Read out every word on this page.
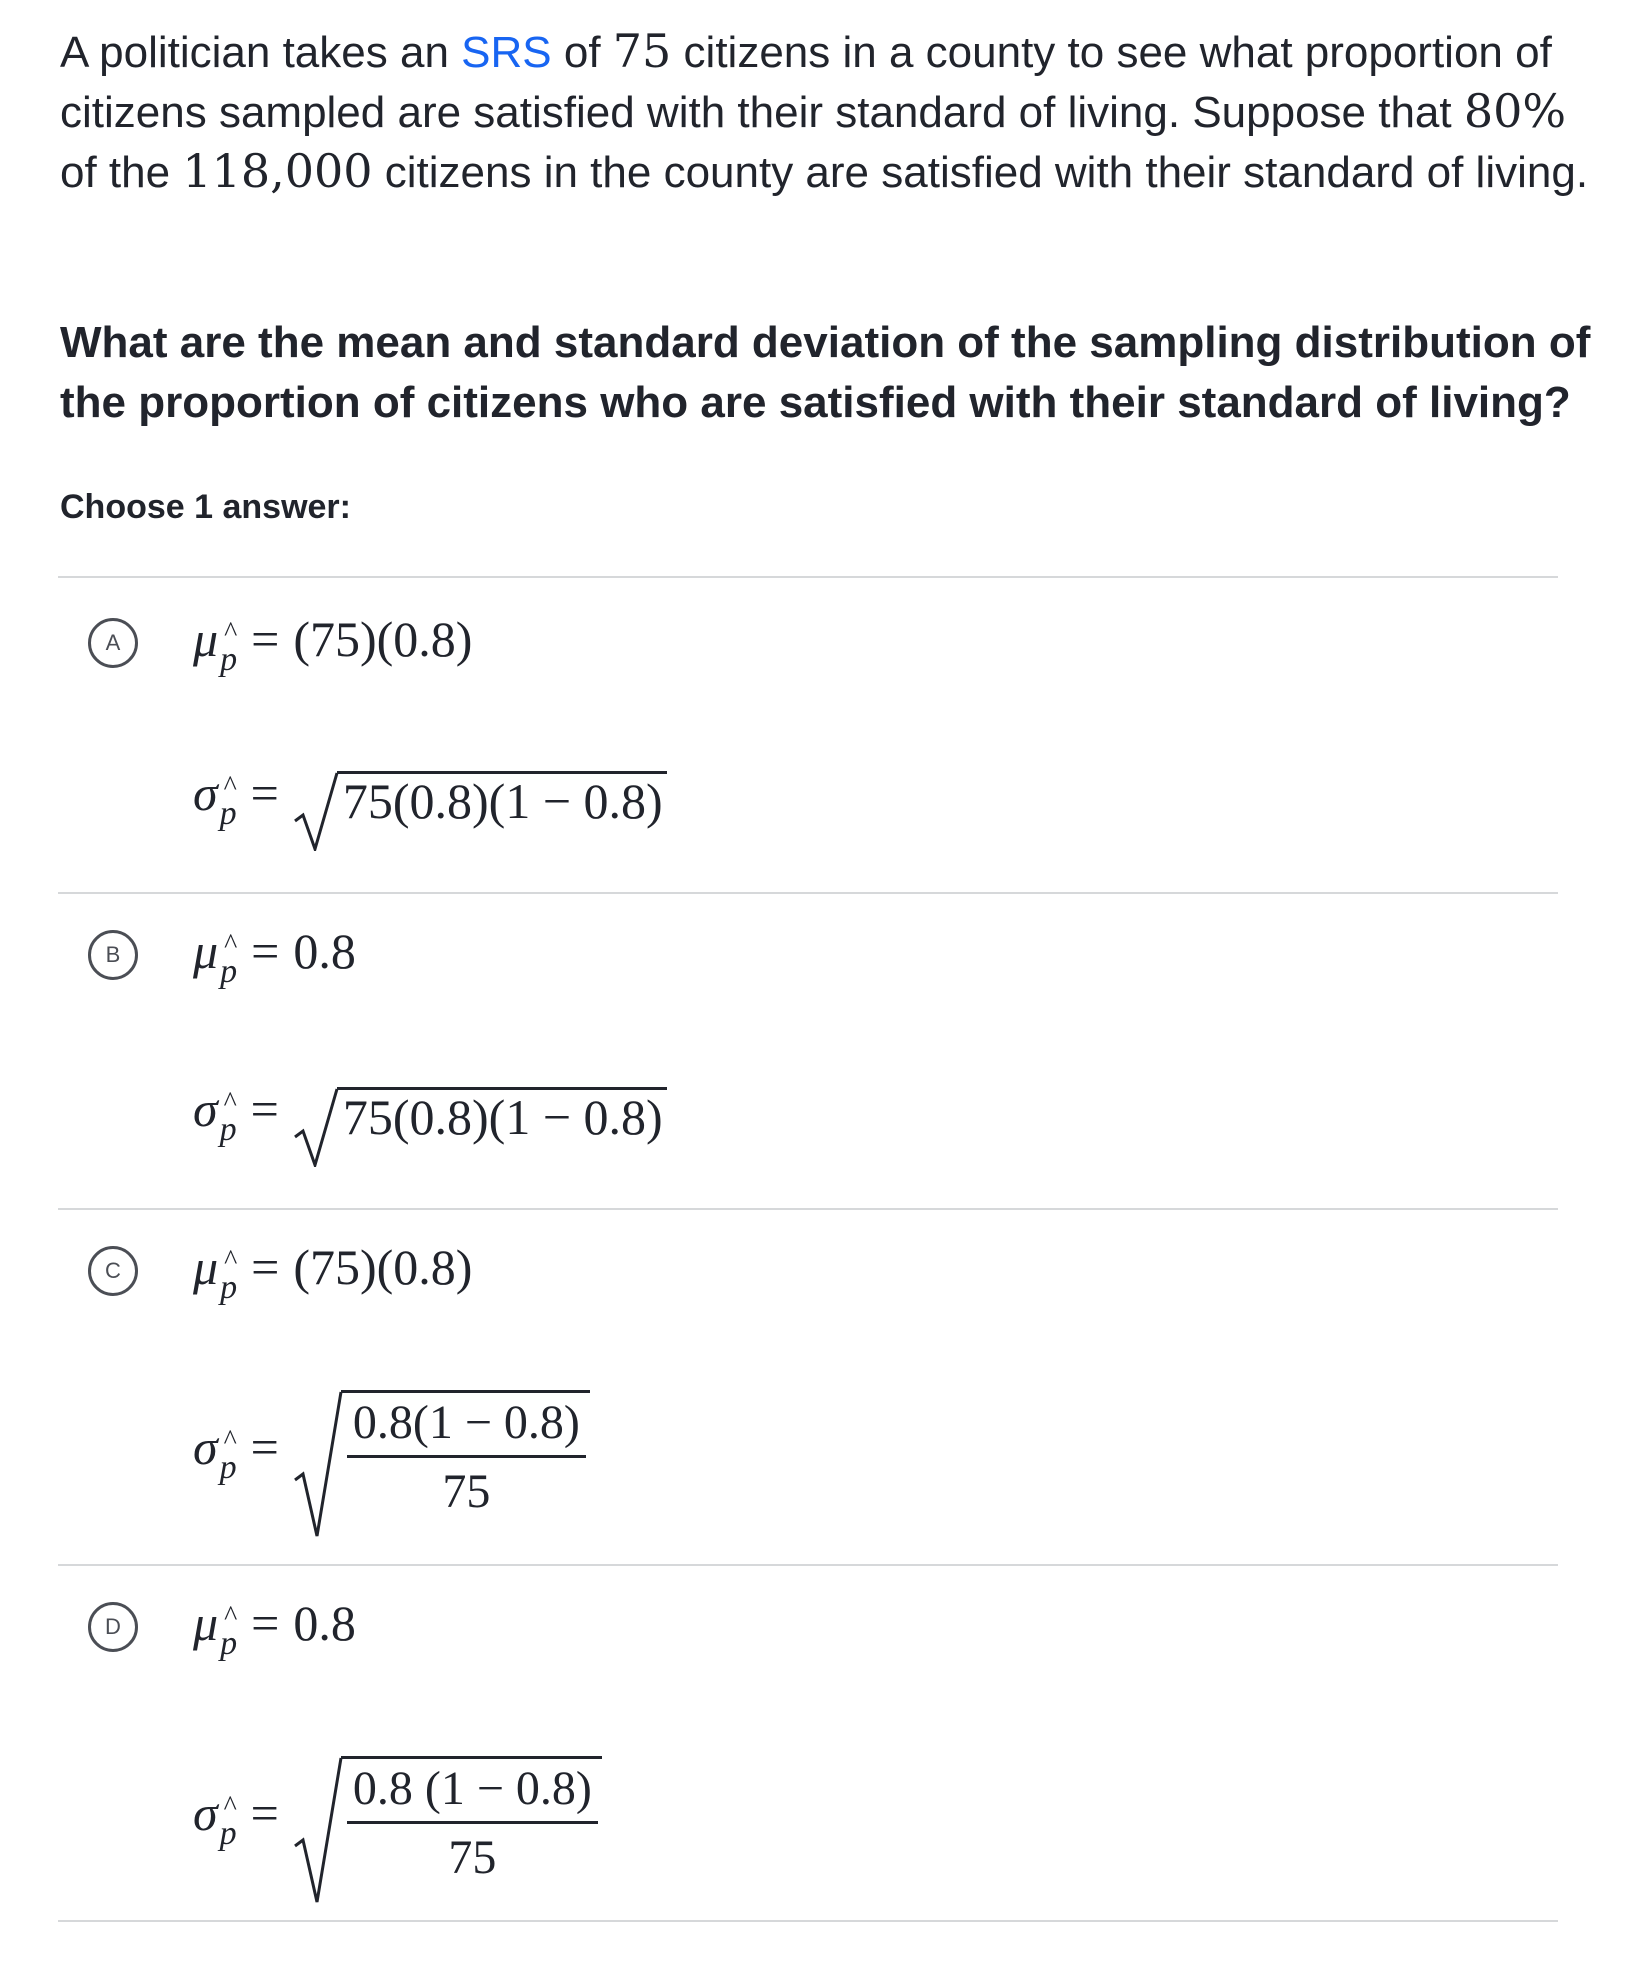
A politician takes an SRS of 75 citizens in a county to see what proportion of citizens sampled are satisfied with their standard of living. Suppose that 80% of the 118,000 citizens in the county are satisfied with their standard of living.
What are the mean and standard deviation of the sampling distribution of the proportion of citizens who are satisfied with their standard of living?
Choose 1 answer:
A μ $_{\^{} p}$ = (75)(0.8)
σ $_{\^{} p}$ = 75(0.8)(1 − 0.8)
B μ $_{\^{} p}$ = 0.8
σ $_{\^{} p}$ = 75(0.8)(1 − 0.8)
C μ $_{\^{} p}$ = (75)(0.8)
σ $_{\^{} p} = \frac{0.8(1 - 0.8)}{75}$
D μ $_{\^{} p}$ = 0.8
σ $_{\^{} p} = \frac{0.8 (1 - 0.8)}{75}$
